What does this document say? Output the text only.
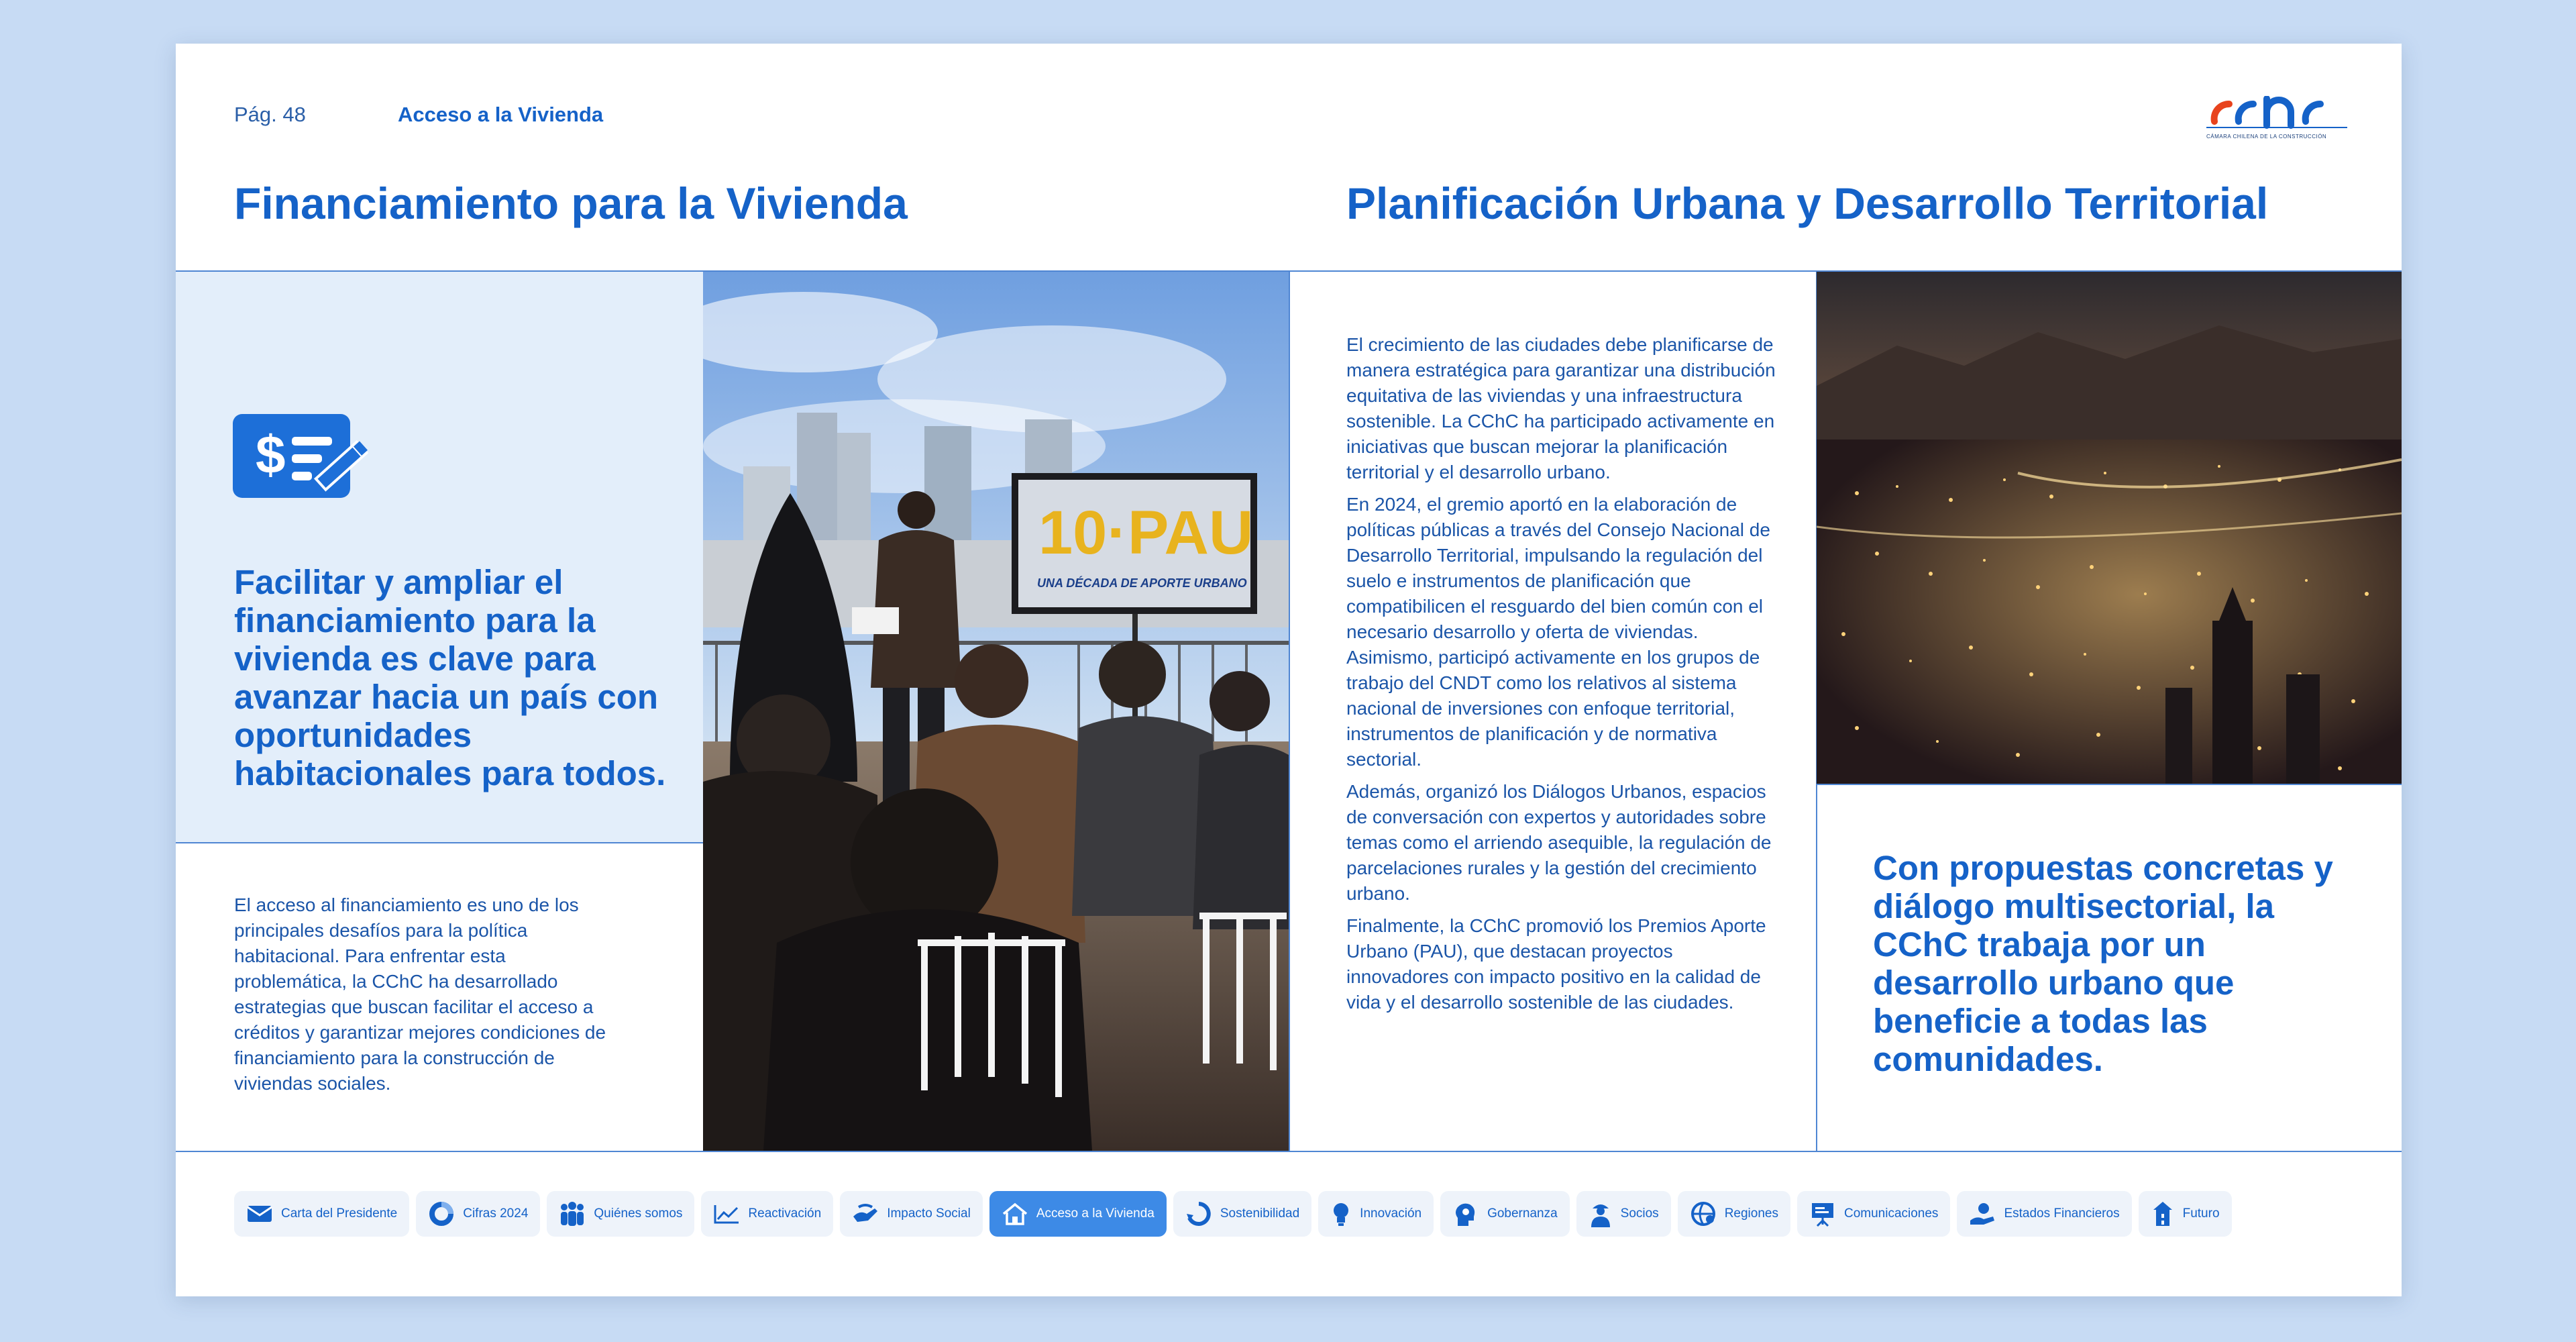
Pág. 48	Acceso a la Vivienda
CÁMARA CHILENA DE LA CONSTRUCCIÓN
Financiamiento para la Vivienda	Planificación Urbana y Desarrollo Territorial
$
Facilitar y ampliar el financiamiento para la vivienda es clave para avanzar hacia un país con oportunidades habitacionales para todos.
El acceso al financiamiento es uno de los principales desafíos para la política habitacional. Para enfrentar esta problemática, la CChC ha desarrollado estrategias que buscan facilitar el acceso a créditos y garantizar mejores condiciones de financiamiento para la construcción de viviendas sociales.
10·PAU
UNA DÉCADA DE APORTE URBANO

El crecimiento de las ciudades debe planificarse de manera estratégica para garantizar una distribución equitativa de las viviendas y una infraestructura sostenible. La CChC ha participado activamente en iniciativas que buscan mejorar la planificación territorial y el desarrollo urbano.

En 2024, el gremio aportó en la elaboración de políticas públicas a través del Consejo Nacional de Desarrollo Territorial, impulsando la regulación del suelo e instrumentos de planificación que compatibilicen el resguardo del bien común con el necesario desarrollo y oferta de viviendas. Asimismo, participó activamente en los grupos de trabajo del CNDT como los relativos al sistema nacional de inversiones con enfoque territorial, instrumentos de planificación y de normativa sectorial.

Además, organizó los Diálogos Urbanos, espacios de conversación con expertos y autoridades sobre temas como el arriendo asequible, la regulación de parcelaciones rurales y la gestión del crecimiento urbano.

Finalmente, la CChC promovió los Premios Aporte Urbano (PAU), que destacan proyectos innovadores con impacto positivo en la calidad de vida y el desarrollo sostenible de las ciudades.

Con propuestas concretas y diálogo multisectorial, la CChC trabaja por un desarrollo urbano que beneficie a todas las comunidades.
Carta del Presidente	Cifras 2024	Quiénes somos	Reactivación	Impacto Social	Acceso a la Vivienda	Sostenibilidad	Innovación	Gobernanza	Socios	Regiones	Comunicaciones	Estados Financieros	Futuro
